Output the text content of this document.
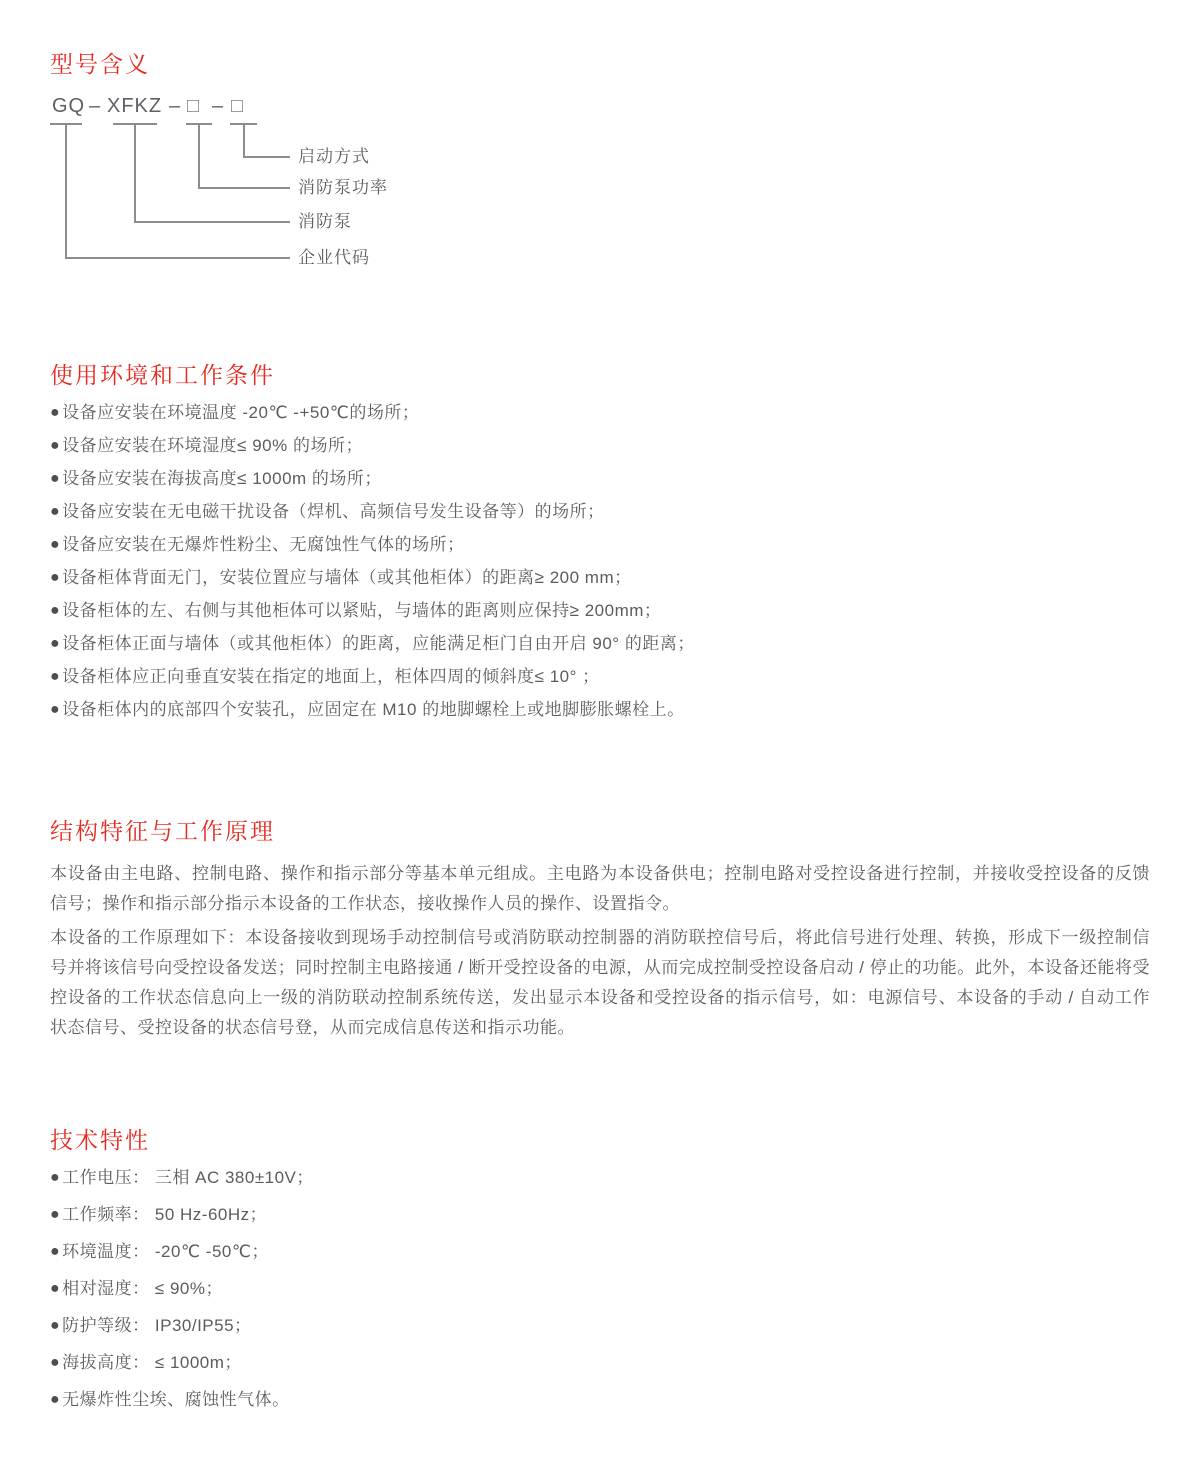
型号含义
GQ – XFKZ – □ – □
启动方式
消防泵功率
消防泵
企业代码
使用环境和工作条件
● 设备应安装在环境温度 -20℃ -+50℃的场所；
● 设备应安装在环境湿度≤ 90% 的场所；
● 设备应安装在海拔高度≤ 1000m 的场所；
● 设备应安装在无电磁干扰设备（焊机、高频信号发生设备等）的场所；
● 设备应安装在无爆炸性粉尘、无腐蚀性气体的场所；
● 设备柜体背面无门，安装位置应与墙体（或其他柜体）的距离≥ 200 mm；
● 设备柜体的左、右侧与其他柜体可以紧贴，与墙体的距离则应保持≥ 200mm；
● 设备柜体正面与墙体（或其他柜体）的距离，应能满足柜门自由开启 90° 的距离；
● 设备柜体应正向垂直安装在指定的地面上，柜体四周的倾斜度≤ 10° ；
● 设备柜体内的底部四个安装孔，应固定在 M10 的地脚螺栓上或地脚膨胀螺栓上。
结构特征与工作原理

本设备由主电路、控制电路、操作和指示部分等基本单元组成。主电路为本设备供电；控制电路对受控设备进行控制，并接收受控设备的反馈信号；操作和指示部分指示本设备的工作状态，接收操作人员的操作、设置指令。

本设备的工作原理如下：本设备接收到现场手动控制信号或消防联动控制器的消防联控信号后，将此信号进行处理、转换，形成下一级控制信号并将该信号向受控设备发送；同时控制主电路接通 / 断开受控设备的电源，从而完成控制受控设备启动 / 停止的功能。此外，本设备还能将受控设备的工作状态信息向上一级的消防联动控制系统传送，发出显示本设备和受控设备的指示信号，如：电源信号、本设备的手动 / 自动工作状态信号、受控设备的状态信号登，从而完成信息传送和指示功能。

技术特性
● 工作电压： 三相 AC 380±10V；
● 工作频率： 50 Hz-60Hz；
● 环境温度： -20℃ -50℃；
● 相对湿度： ≤ 90%；
● 防护等级： IP30/IP55；
● 海拔高度： ≤ 1000m；
● 无爆炸性尘埃、腐蚀性气体。
